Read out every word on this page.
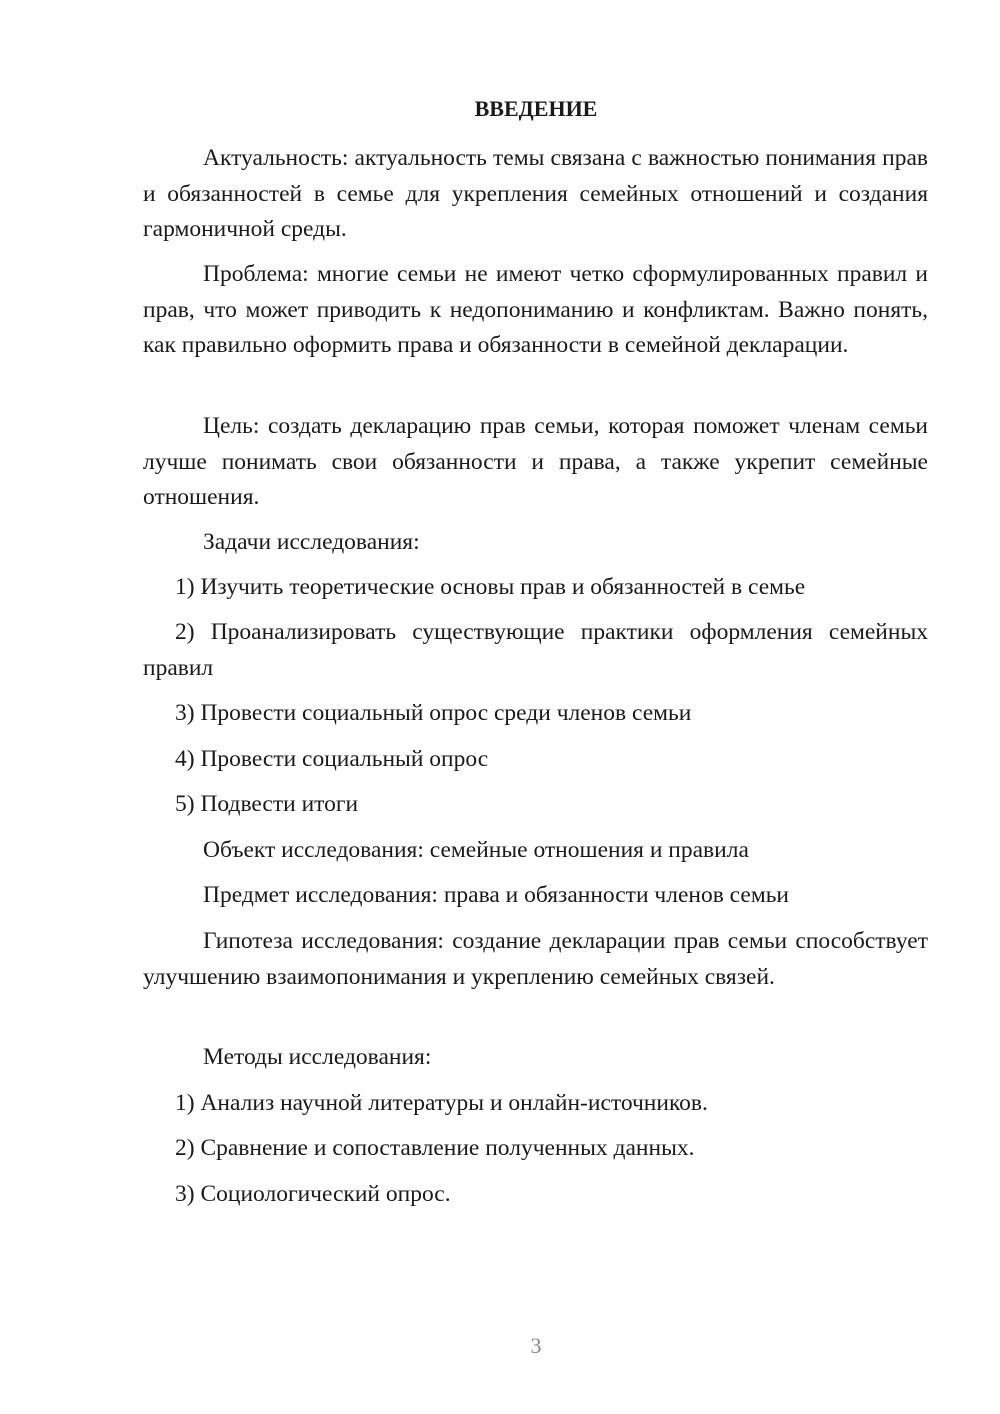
ВВЕДЕНИЕ

Актуальность: актуальность темы связана с важностью понимания прав и обязанностей в семье для укрепления семейных отношений и создания гармоничной среды.

Проблема: многие семьи не имеют четко сформулированных правил и прав, что может приводить к недопониманию и конфликтам. Важно понять, как правильно оформить права и обязанности в семейной декларации.

Цель: создать декларацию прав семьи, которая поможет членам семьи лучше понимать свои обязанности и права, а также укрепит семейные отношения.

Задачи исследования:

1) Изучить теоретические основы прав и обязанностей в семье

2) Проанализировать существующие практики оформления семейных правил

3) Провести социальный опрос среди членов семьи

4) Провести социальный опрос

5) Подвести итоги

Объект исследования: семейные отношения и правила

Предмет исследования: права и обязанности членов семьи

Гипотеза исследования: создание декларации прав семьи способствует улучшению взаимопонимания и укреплению семейных связей.

Методы исследования:

1) Анализ научной литературы и онлайн-источников.

2) Сравнение и сопоставление полученных данных.

3) Социологический опрос.

3
